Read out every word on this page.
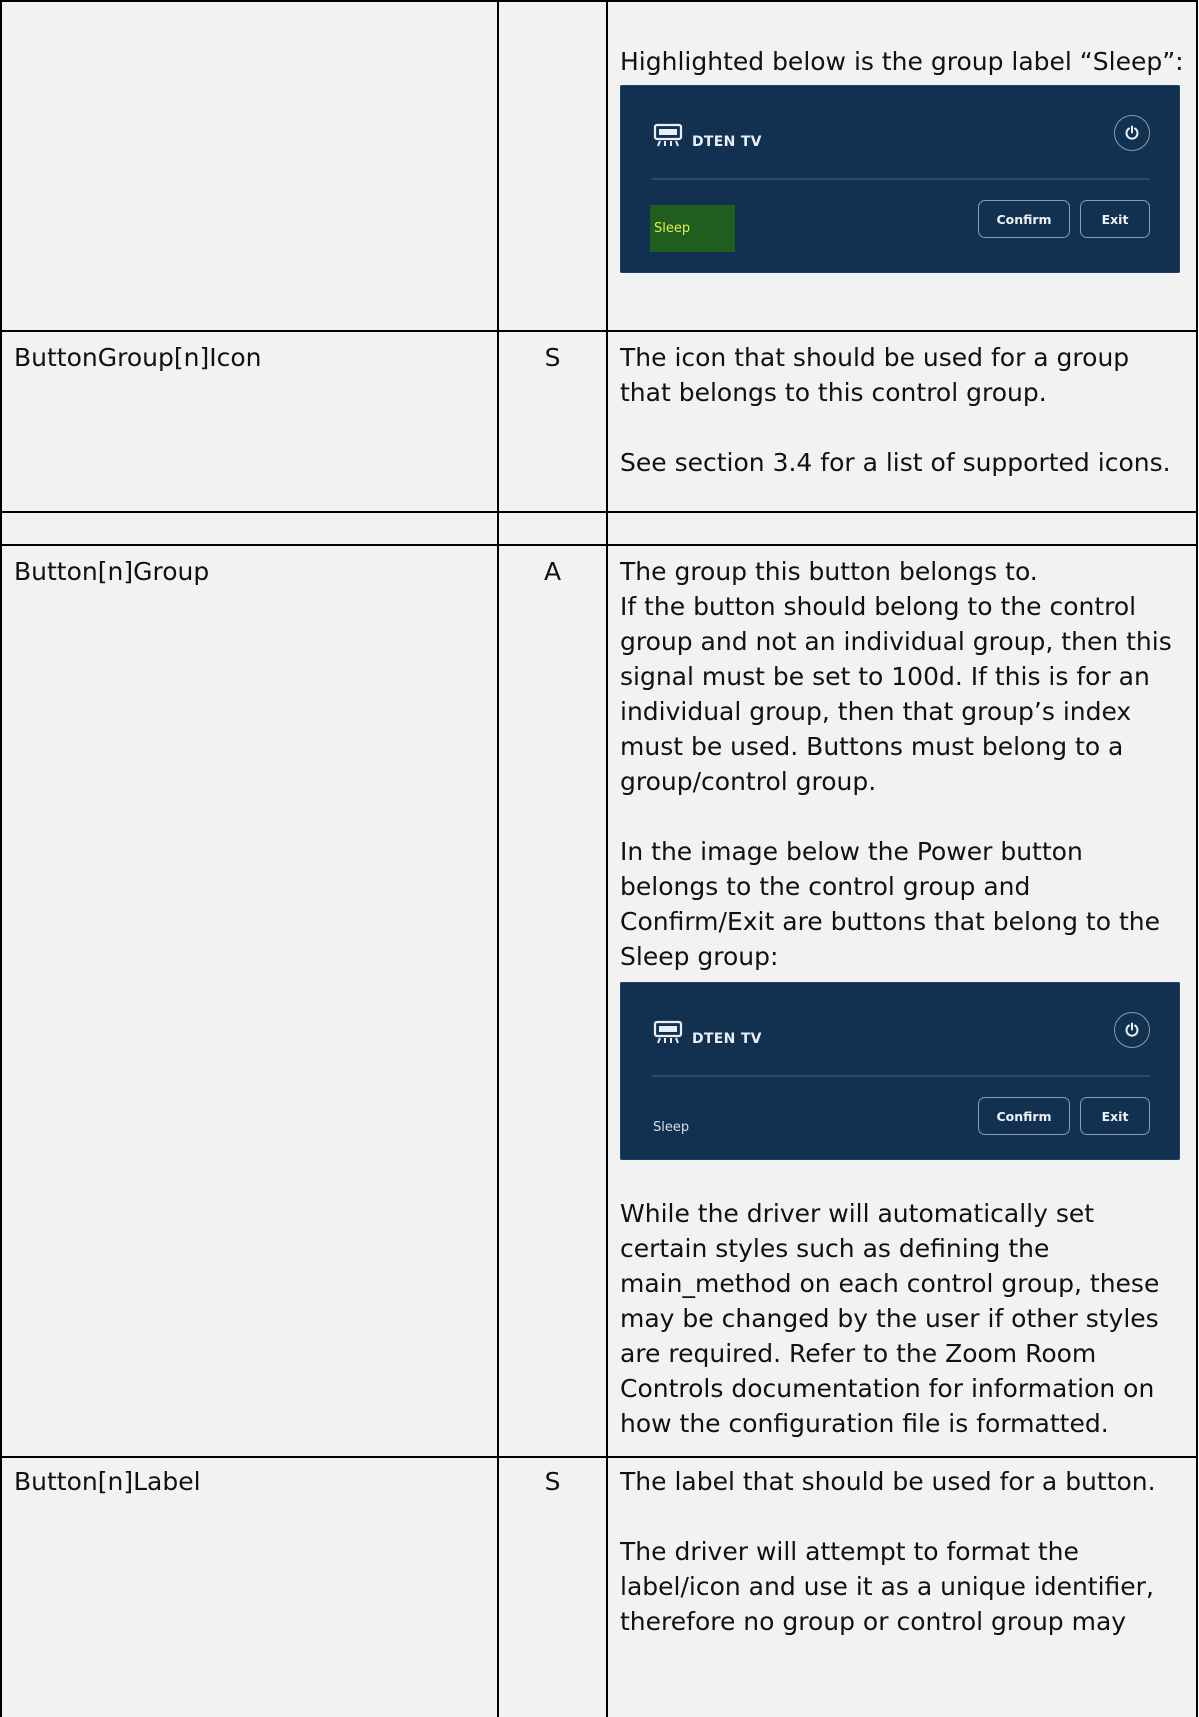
Highlighted below is the group label “Sleep”:

DTEN TV
Sleep
Confirm	Exit
ButtonGroup[n]Icon	S	The icon that should be used for a group that belongs to this control group.

See section 3.4 for a list of supported icons.

Button[n]Group	A	The group this button belongs to.

If the button should belong to the control group and not an individual group, then this signal must be set to 100d. If this is for an individual group, then that group’s index must be used. Buttons must belong to a group/control group.

In the image below the Power button belongs to the control group and Confirm/Exit are buttons that belong to the Sleep group:

DTEN TV
Sleep
Confirm	Exit

While the driver will automatically set certain styles such as defining the main_method on each control group, these may be changed by the user if other styles are required. Refer to the Zoom Room Controls documentation for information on how the configuration file is formatted.

Button[n]Label	S	The label that should be used for a button.

The driver will attempt to format the label/icon and use it as a unique identifier, therefore no group or control group may
